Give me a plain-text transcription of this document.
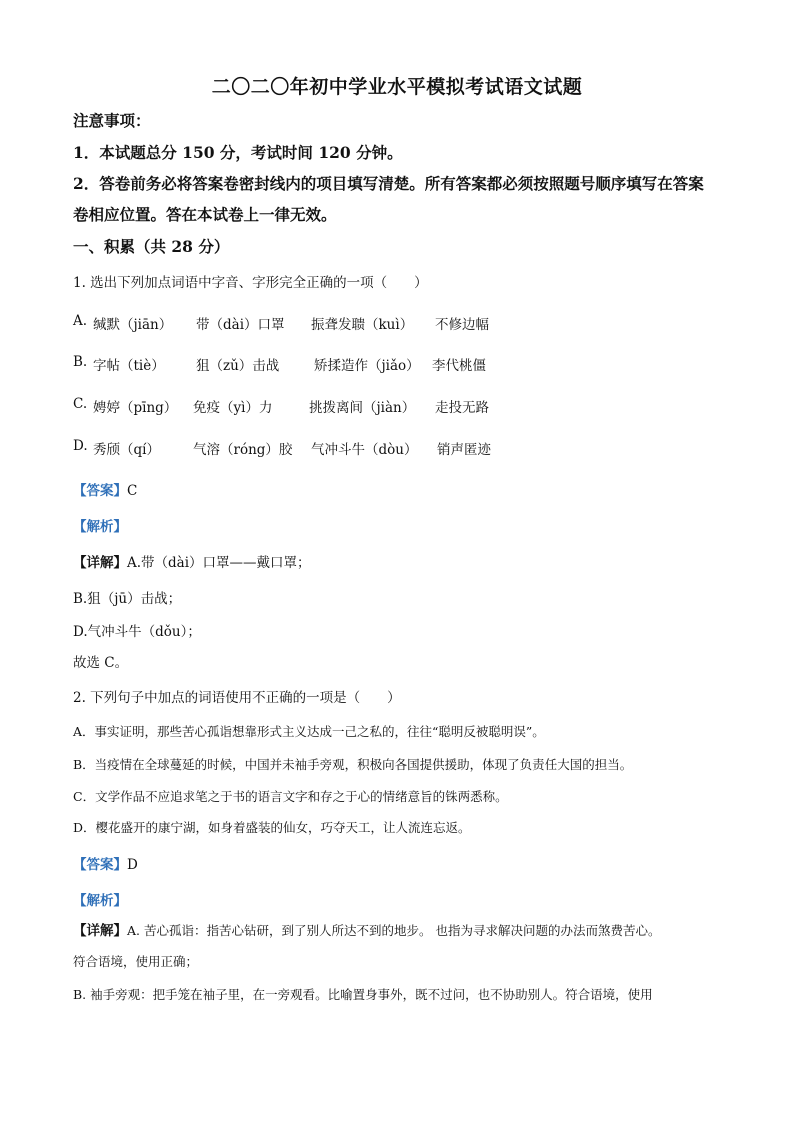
二〇二〇年初中学业水平模拟考试语文试题
注意事项：
1．本试题总分 150 分，考试时间 120 分钟。
2．答卷前务必将答案卷密封线内的项目填写清楚。所有答案都必须按照题号顺序填写在答案
卷相应位置。答在本试卷上一律无效。
一、积累（共 28 分）
1. 选出下列加点词语中字音、字形完全正确的一项（　　）
A. 缄默（jiān） 带（dài）口罩 振聋发聩（kuì） 不修边幅
B. 字帖（tiè） 狙（zǔ）击战	矫揉造作（jiǎo） 李代桃僵
C. 娉婷（pīng） 免疫（yì）力	挑拨离间（jiàn） 走投无路
D. 秀颀（qí） 气溶（róng）胶 气冲斗牛（dòu） 销声匿迹
【答案】C
【解析】
【详解】A.带（dài）口罩——戴口罩；
B.狙（jū）击战；
D.气冲斗牛（dǒu）；
故选 C。
2. 下列句子中加点的词语使用不正确的一项是（　　）
A．事实证明，那些苦心孤诣想靠形式主义达成一己之私的，往往“聪明反被聪明误”。
B．当疫情在全球蔓延的时候，中国并未袖手旁观，积极向各国提供援助，体现了负责任大国的担当。
C．文学作品不应追求笔之于书的语言文字和存之于心的情绪意旨的铢两悉称。
D．樱花盛开的康宁湖，如身着盛装的仙女，巧夺天工，让人流连忘返。
【答案】D
【解析】
【详解】A. 苦心孤诣：指苦心钻研，到了别人所达不到的地步。 也指为寻求解决问题的办法而煞费苦心。
符合语境，使用正确；
B. 袖手旁观：把手笼在袖子里，在一旁观看。比喻置身事外，既不过问，也不协助别人。符合语境，使用
